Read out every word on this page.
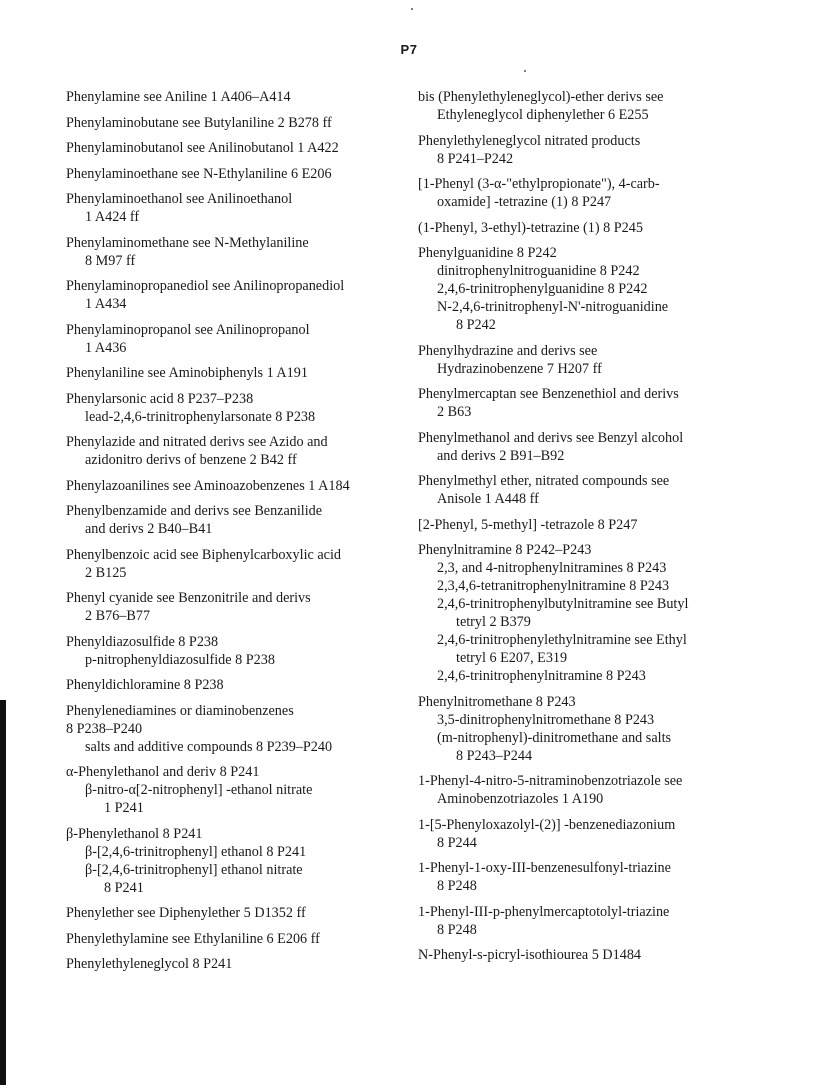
P7
Phenylamine see Aniline 1 A406–A414
Phenylaminobutane see Butylaniline 2 B278 ff
Phenylaminobutanol see Anilinobutanol 1 A422
Phenylaminoethane see N-Ethylaniline 6 E206
Phenylaminoethanol see Anilinoethanol
1 A424 ff
Phenylaminomethane see N-Methylaniline
8 M97 ff
Phenylaminopropanediol see Anilinopropanediol
1 A434
Phenylaminopropanol see Anilinopropanol
1 A436
Phenylaniline see Aminobiphenyls 1 A191
Phenylarsonic acid 8 P237–P238
lead-2,4,6-trinitrophenylarsonate 8 P238
Phenylazide and nitrated derivs see Azido and
azidonitro derivs of benzene 2 B42 ff
Phenylazoanilines see Aminoazobenzenes 1 A184
Phenylbenzamide and derivs see Benzanilide
and derivs 2 B40–B41
Phenylbenzoic acid see Biphenylcarboxylic acid
2 B125
Phenyl cyanide see Benzonitrile and derivs
2 B76–B77
Phenyldiazosulfide 8 P238
p-nitrophenyldiazosulfide 8 P238
Phenyldichloramine 8 P238
Phenylenediamines or diaminobenzenes
8 P238–P240
salts and additive compounds 8 P239–P240
α-Phenylethanol and deriv 8 P241
β-nitro-α[2-nitrophenyl] -ethanol nitrate
1 P241
β-Phenylethanol 8 P241
β-[2,4,6-trinitrophenyl] ethanol 8 P241
β-[2,4,6-trinitrophenyl] ethanol nitrate
8 P241
Phenylether see Diphenylether 5 D1352 ff
Phenylethylamine see Ethylaniline 6 E206 ff
Phenylethyleneglycol 8 P241
bis (Phenylethyleneglycol)-ether derivs see
Ethyleneglycol diphenylether 6 E255
Phenylethyleneglycol nitrated products
8 P241–P242
[1-Phenyl (3-α-"ethylpropionate"), 4-carb-
oxamide] -tetrazine (1) 8 P247
(1-Phenyl, 3-ethyl)-tetrazine (1) 8 P245
Phenylguanidine 8 P242
dinitrophenylnitroguanidine 8 P242
2,4,6-trinitrophenylguanidine 8 P242
N-2,4,6-trinitrophenyl-N'-nitroguanidine
8 P242
Phenylhydrazine and derivs see
Hydrazinobenzene 7 H207 ff
Phenylmercaptan see Benzenethiol and derivs
2 B63
Phenylmethanol and derivs see Benzyl alcohol
and derivs 2 B91–B92
Phenylmethyl ether, nitrated compounds see
Anisole 1 A448 ff
[2-Phenyl, 5-methyl] -tetrazole 8 P247
Phenylnitramine 8 P242–P243
2,3, and 4-nitrophenylnitramines 8 P243
2,3,4,6-tetranitrophenylnitramine 8 P243
2,4,6-trinitrophenylbutylnitramine see Butyl
tetryl 2 B379
2,4,6-trinitrophenylethylnitramine see Ethyl
tetryl 6 E207, E319
2,4,6-trinitrophenylnitramine 8 P243
Phenylnitromethane 8 P243
3,5-dinitrophenylnitromethane 8 P243
(m-nitrophenyl)-dinitromethane and salts
8 P243–P244
1-Phenyl-4-nitro-5-nitraminobenzotriazole see
Aminobenzotriazoles 1 A190
1-[5-Phenyloxazolyl-(2)] -benzenediazonium
8 P244
1-Phenyl-1-oxy-III-benzenesulfonyl-triazine
8 P248
1-Phenyl-III-p-phenylmercaptotolyl-triazine
8 P248
N-Phenyl-s-picryl-isothiourea 5 D1484
